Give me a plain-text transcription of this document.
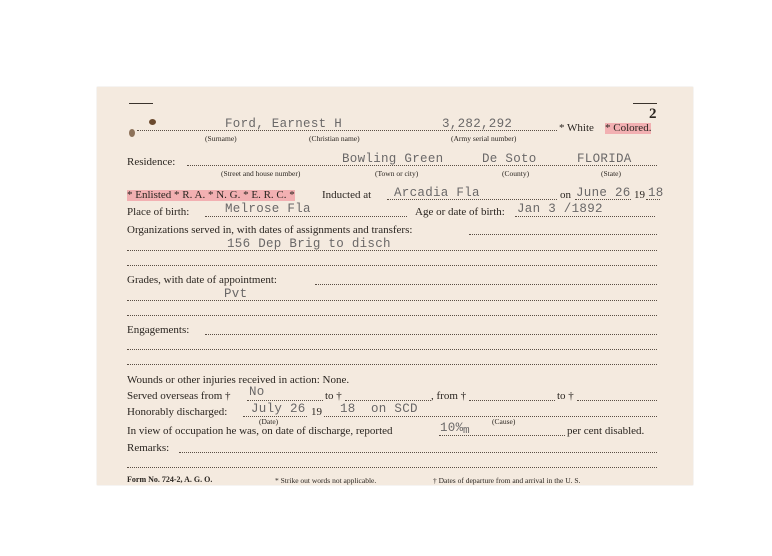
2
Ford, Earnest H	3,282,292	* White * Colored.
(Surname)	(Christian name)	(Army serial number)
Residence:	Bowling Green	De Soto	FLORIDA
(Street and house number)	(Town or city)	(County)	(State)
* Enlisted * R. A. * N. G. * E. R. C. * Inducted at Arcadia Fla	on June 26 19 18
Place of birth:	Melrose Fla	Age or date of birth: Jan 3 /1892
Organizations served in, with dates of assignments and transfers:
156 Dep Brig to disch
Grades, with date of appointment:
Pvt
Engagements:
Wounds or other injuries received in action: None.
Served overseas from † No	to †	, from †	to †
Honorably discharged: July 26 19 18 on SCD
(Date)	(Cause)
In view of occupation he was, on date of discharge, reported	10% m	per cent disabled.
Remarks:
Form No. 724-2, A. G. O.	* Strike out words not applicable.	† Dates of departure from and arrival in the U. S.
